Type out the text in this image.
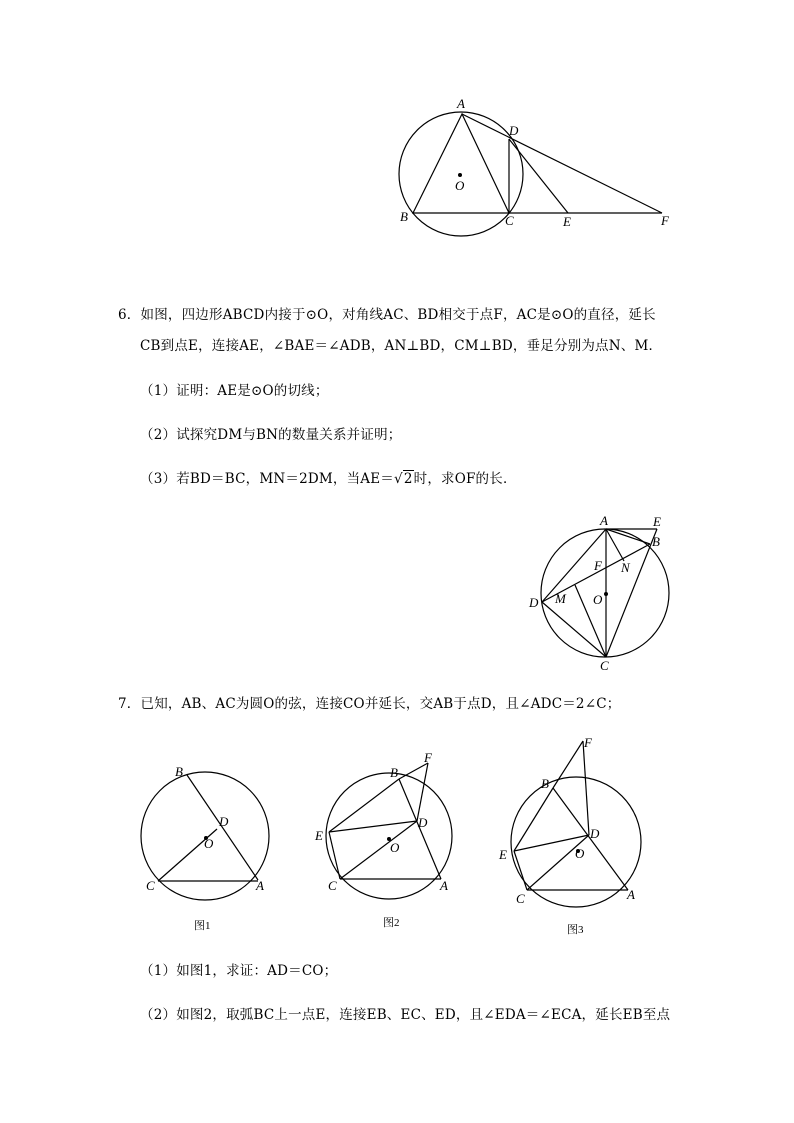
A
D
O
B	C	E	F
6．如图，四边形ABCD内接于⊙O，对角线AC、BD相交于点F，AC是⊙O的直径，延长
CB到点E，连接AE，∠BAE＝∠ADB，AN⊥BD，CM⊥BD，垂足分别为点N、M．
（1）证明：AE是⊙O的切线；
（2）试探究DM与BN的数量关系并证明；
（3）若BD＝BC，MN＝2DM，当AE＝√2时，求OF的长．
A	E
B
F N
D M O
C
7．已知，AB、AC为圆O的弦，连接CO并延长，交AB于点D，且∠ADC＝2∠C；
B
D
O
C	A
图1
F
B
E
D
O
C	A
图2
F
B
D
E	O
C	A
图3
（1）如图1，求证：AD＝CO；
（2）如图2，取弧BC上一点E，连接EB、EC、ED，且∠EDA＝∠ECA，延长EB至点
